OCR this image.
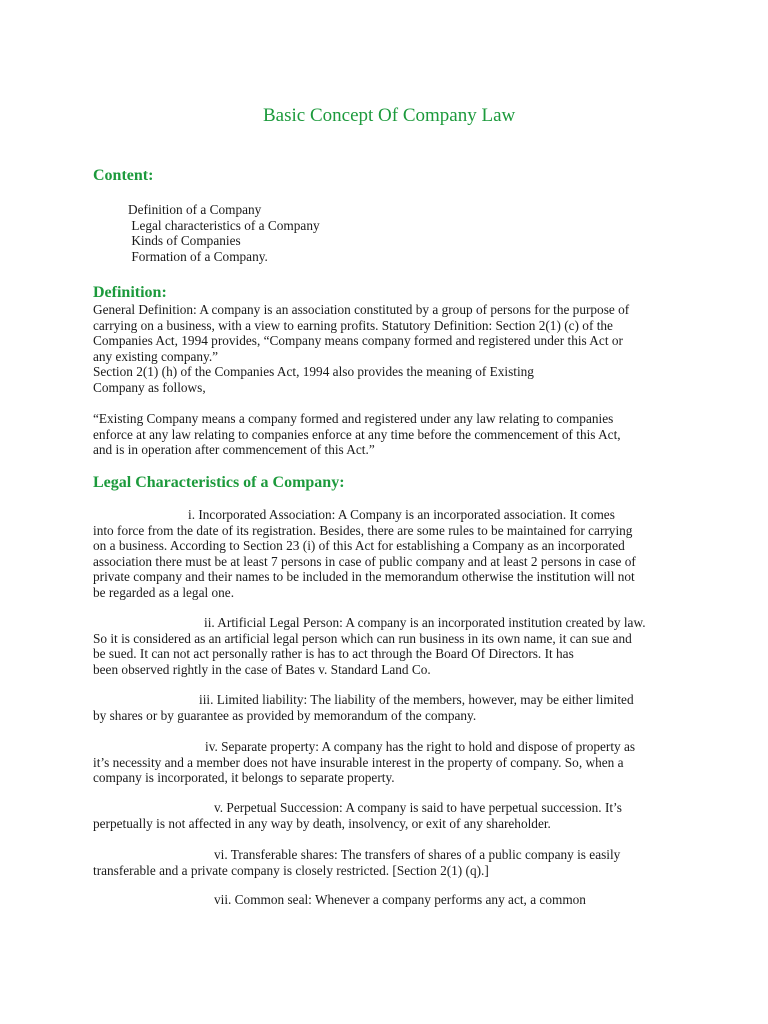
Basic Concept Of Company Law
Content:
Definition of a Company
Legal characteristics of a Company
Kinds of Companies
Formation of a Company.
Definition:
General Definition: A company is an association constituted by a group of persons for the purpose of
carrying on a business, with a view to earning profits. Statutory Definition: Section 2(1) (c) of the
Companies Act, 1994 provides, “Company means company formed and registered under this Act or
any existing company.”
Section 2(1) (h) of the Companies Act, 1994 also provides the meaning of Existing
Company as follows,
“Existing Company means a company formed and registered under any law relating to companies
enforce at any law relating to companies enforce at any time before the commencement of this Act,
and is in operation after commencement of this Act.”
Legal Characteristics of a Company:
i. Incorporated Association: A Company is an incorporated association. It comes
into force from the date of its registration. Besides, there are some rules to be maintained for carrying
on a business. According to Section 23 (i) of this Act for establishing a Company as an incorporated
association there must be at least 7 persons in case of public company and at least 2 persons in case of
private company and their names to be included in the memorandum otherwise the institution will not
be regarded as a legal one.
ii. Artificial Legal Person: A company is an incorporated institution created by law.
So it is considered as an artificial legal person which can run business in its own name, it can sue and
be sued. It can not act personally rather is has to act through the Board Of Directors. It has
been observed rightly in the case of Bates v. Standard Land Co.
iii. Limited liability: The liability of the members, however, may be either limited
by shares or by guarantee as provided by memorandum of the company.
iv. Separate property: A company has the right to hold and dispose of property as
it’s necessity and a member does not have insurable interest in the property of company. So, when a
company is incorporated, it belongs to separate property.
v. Perpetual Succession: A company is said to have perpetual succession. It’s
perpetually is not affected in any way by death, insolvency, or exit of any shareholder.
vi. Transferable shares: The transfers of shares of a public company is easily
transferable and a private company is closely restricted. [Section 2(1) (q).]
vii. Common seal: Whenever a company performs any act, a common
